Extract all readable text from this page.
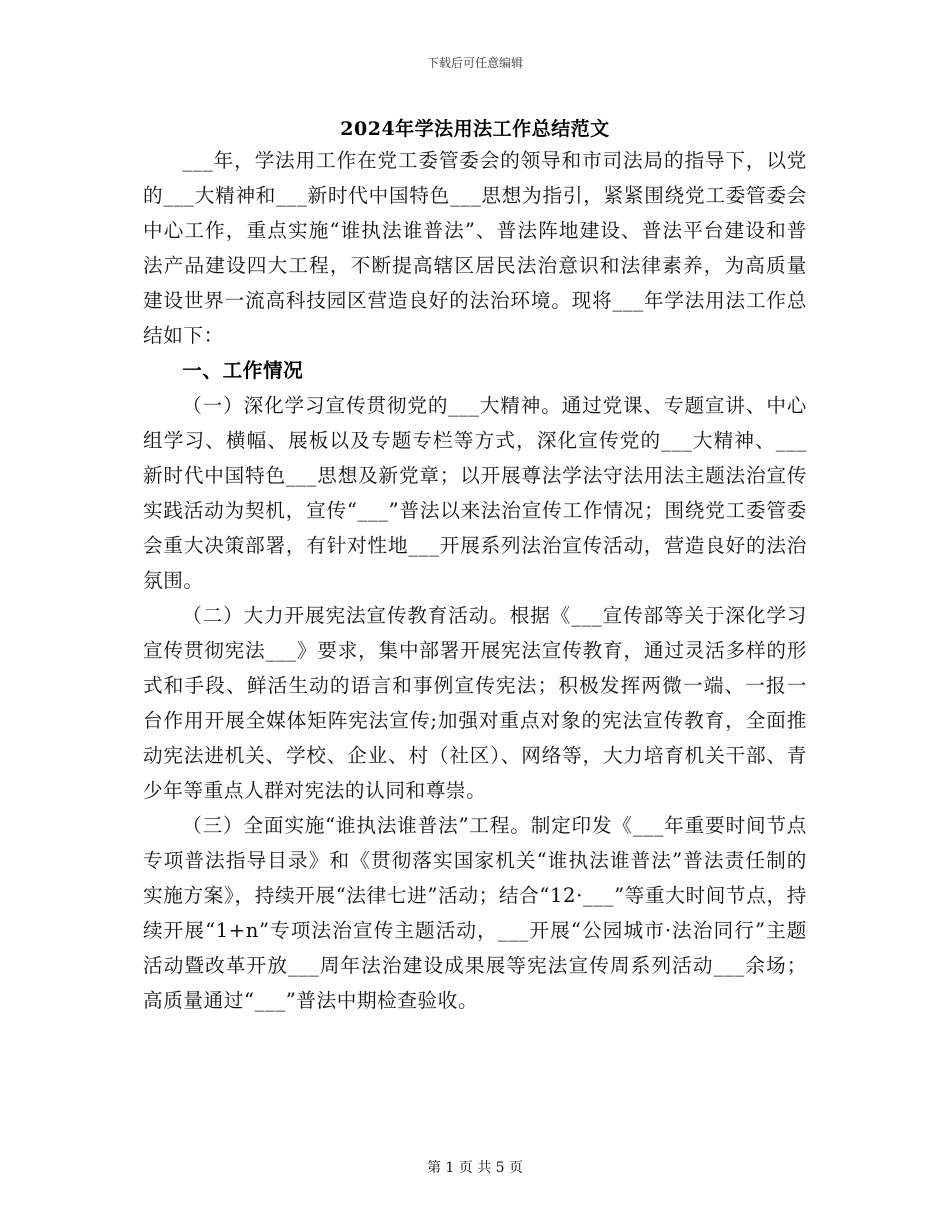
下载后可任意编辑
2024年学法用法工作总结范文

___年，学法用工作在党工委管委会的领导和市司法局的指导下，以党的___大精神和___新时代中国特色___思想为指引，紧紧围绕党工委管委会中心工作，重点实施“谁执法谁普法”、普法阵地建设、普法平台建设和普法产品建设四大工程，不断提高辖区居民法治意识和法律素养，为高质量建设世界一流高科技园区营造良好的法治环境。现将___年学法用法工作总结如下：

一、工作情况

（一）深化学习宣传贯彻党的___大精神。通过党课、专题宣讲、中心组学习、横幅、展板以及专题专栏等方式，深化宣传党的___大精神、___新时代中国特色___思想及新党章；以开展尊法学法守法用法主题法治宣传实践活动为契机，宣传“___”普法以来法治宣传工作情况；围绕党工委管委会重大决策部署，有针对性地___开展系列法治宣传活动，营造良好的法治氛围。

（二）大力开展宪法宣传教育活动。根据《___宣传部等关于深化学习宣传贯彻宪法___》要求，集中部署开展宪法宣传教育，通过灵活多样的形式和手段、鲜活生动的语言和事例宣传宪法；积极发挥两微一端、一报一台作用开展全媒体矩阵宪法宣传;加强对重点对象的宪法宣传教育，全面推动宪法进机关、学校、企业、村（社区）、网络等，大力培育机关干部、青少年等重点人群对宪法的认同和尊崇。

（三）全面实施“谁执法谁普法”工程。制定印发《___年重要时间节点专项普法指导目录》和《贯彻落实国家机关“谁执法谁普法”普法责任制的实施方案》，持续开展“法律七进”活动；结合“12·___”等重大时间节点，持续开展“1+n”专项法治宣传主题活动，___开展“公园城市·法治同行”主题活动暨改革开放___周年法治建设成果展等宪法宣传周系列活动___余场；高质量通过“___”普法中期检查验收。

第 1 页 共 5 页
